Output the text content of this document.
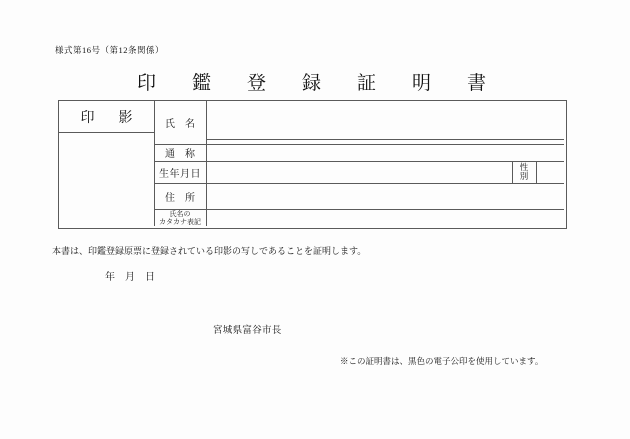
様式第16号（第12条関係）
印鑑登録証明書
印　影	氏　名
通　称
生年月日
性
別
住　所
氏名の
カタカナ表記
本書は、印鑑登録原票に登録されている印影の写しであることを証明します。
年　月　日
宮城県富谷市長
※この証明書は、黒色の電子公印を使用しています。
